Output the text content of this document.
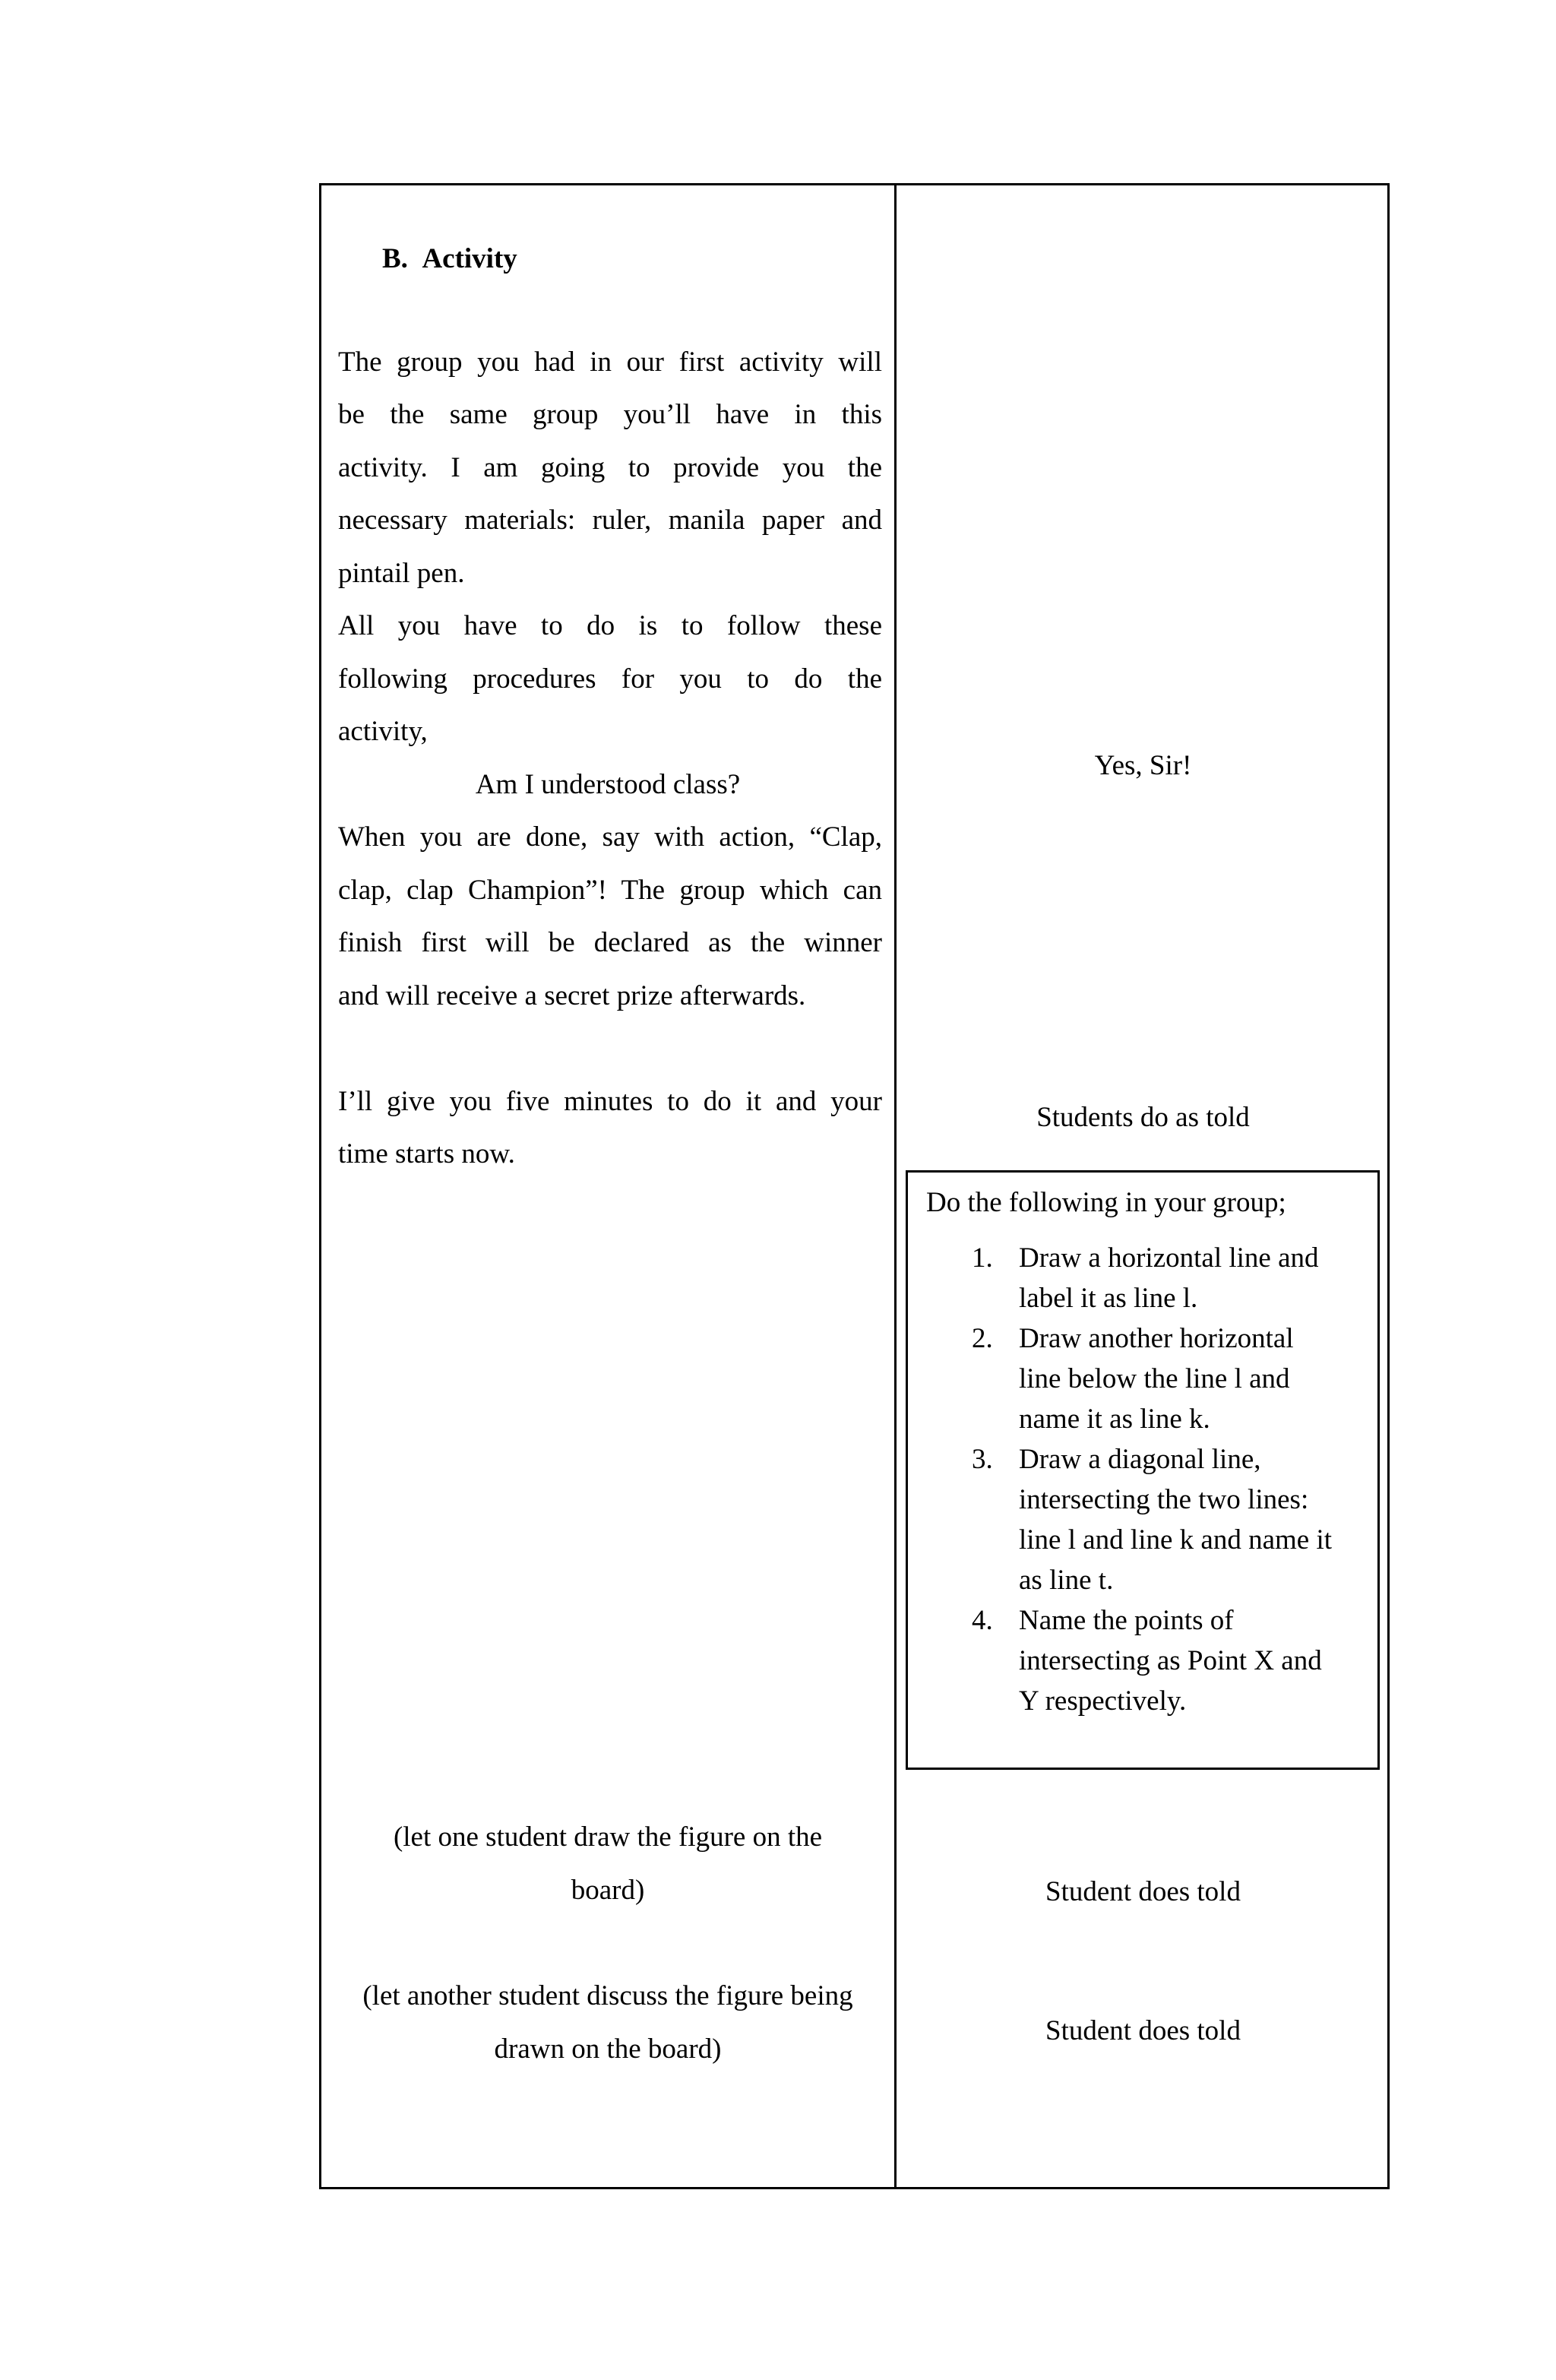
B. Activity
The group you had in our first activity will
be the same group you’ll have in this
activity. I am going to provide you the
necessary materials: ruler, manila paper and
pintail pen.
All you have to do is to follow these
following procedures for you to do the
activity,
Am I understood class?
When you are done, say with action, “Clap,
clap, clap Champion”! The group which can
finish first will be declared as the winner
and will receive a secret prize afterwards.
I’ll give you five minutes to do it and your
time starts now.
(let one student draw the figure on the
board)
(let another student discuss the figure being
drawn on the board)
Yes, Sir!
Students do as told
Student does told
Student does told
Do the following in your group;
1. Draw a horizontal line and
label it as line l.
2. Draw another horizontal
line below the line l and
name it as line k.
3. Draw a diagonal line,
intersecting the two lines:
line l and line k and name it
as line t.
4. Name the points of
intersecting as Point X and
Y respectively.
